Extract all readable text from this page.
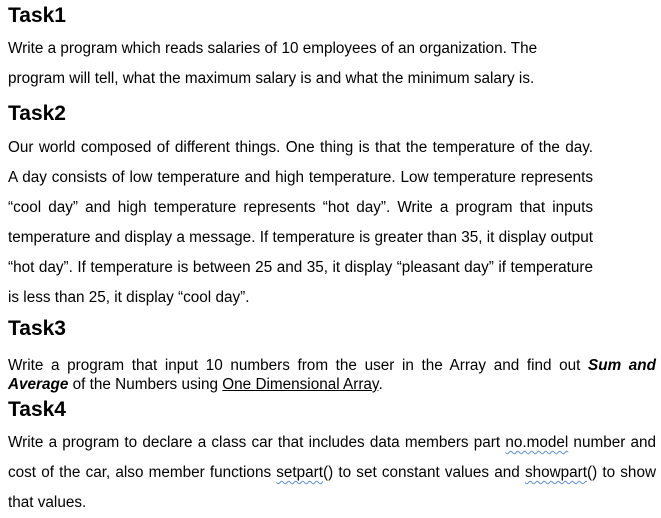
Task1
Write a program which reads salaries of 10 employees of an organization. The
program will tell, what the maximum salary is and what the minimum salary is.
Task2
Our world composed of different things. One thing is that the temperature of the day.
A day consists of low temperature and high temperature. Low temperature represents
“cool day” and high temperature represents “hot day”. Write a program that inputs
temperature and display a message. If temperature is greater than 35, it display output
“hot day”. If temperature is between 25 and 35, it display “pleasant day” if temperature
is less than 25, it display “cool day”.
Task3

Write a program that input 10 numbers from the user in the Array and find out Sum and Average of the Numbers using One Dimensional Array.

Task4

Write a program to declare a class car that includes data members part no.model number and cost of the car, also member functions setpart() to set constant values and showpart() to show that values.
